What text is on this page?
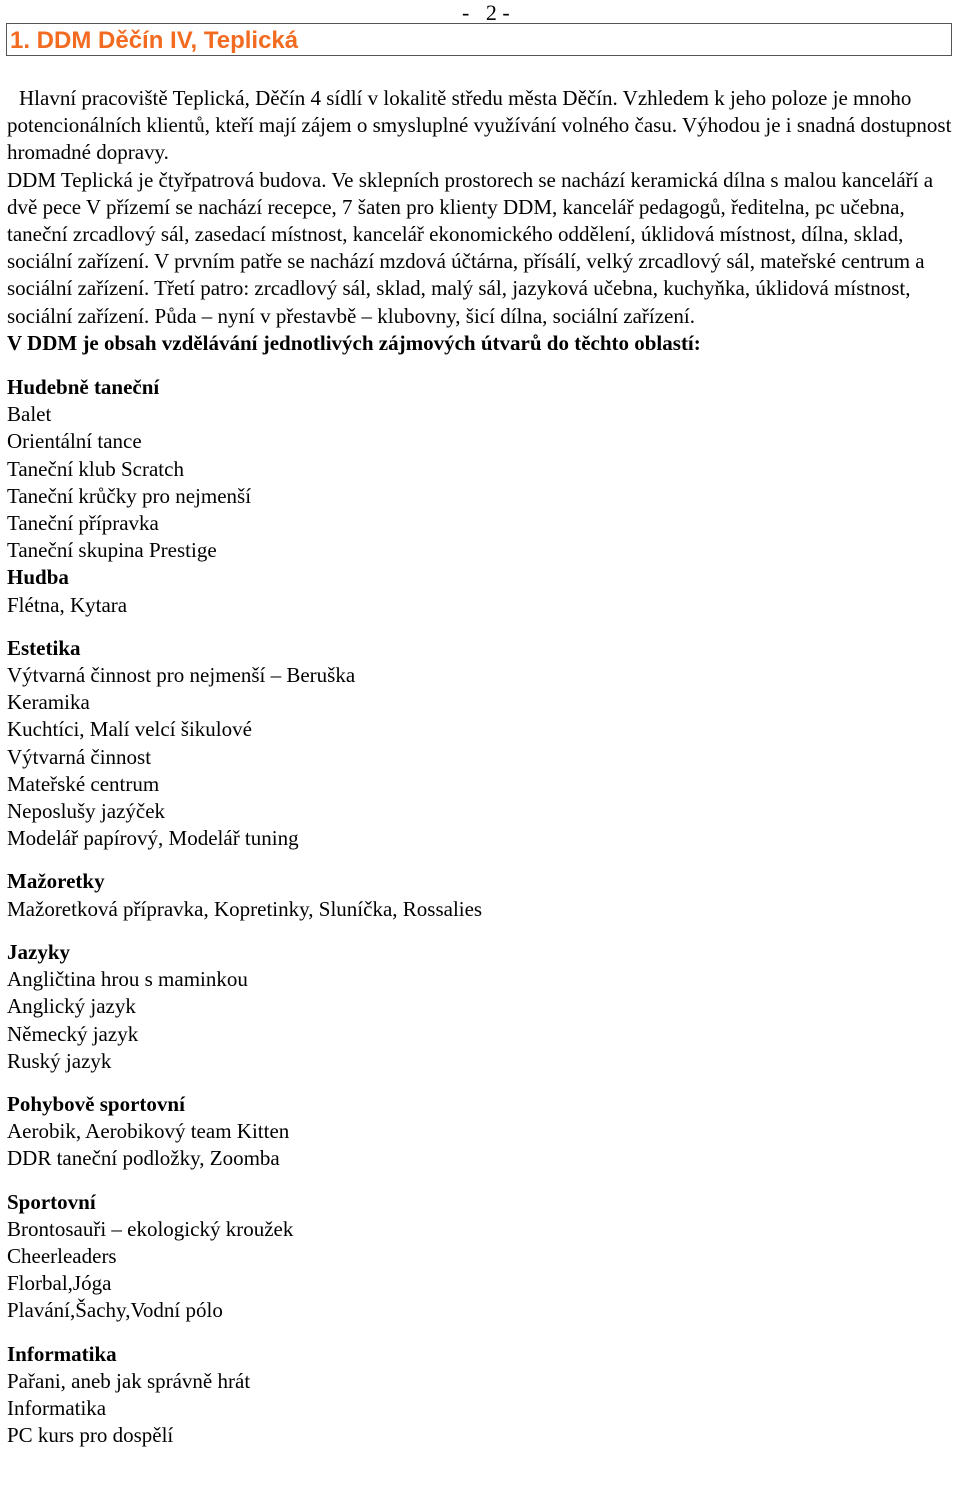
-   2 -
1. DDM Děčín IV, Teplická

Hlavní pracoviště Teplická, Děčín 4 sídlí v lokalitě středu města Děčín. Vzhledem k jeho poloze je mnoho potencionálních klientů, kteří mají zájem o smysluplné využívání volného času. Výhodou je i snadná dostupnost hromadné dopravy.

DDM Teplická je čtyřpatrová budova. Ve sklepních prostorech se nachází keramická dílna s malou kanceláří a dvě pece V přízemí se nachází recepce, 7 šaten pro klienty DDM, kancelář pedagogů, ředitelna, pc učebna, taneční zrcadlový sál, zasedací místnost, kancelář ekonomického oddělení, úklidová místnost, dílna, sklad, sociální zařízení. V prvním patře se nachází mzdová účtárna, přísálí, velký zrcadlový sál, mateřské centrum a sociální zařízení. Třetí patro: zrcadlový sál, sklad, malý sál, jazyková učebna, kuchyňka, úklidová místnost, sociální zařízení. Půda – nyní v přestavbě – klubovny, šicí dílna, sociální zařízení.

V DDM je obsah vzdělávání jednotlivých zájmových útvarů do těchto oblastí:

Hudebně taneční
Balet
Orientální tance
Taneční klub Scratch
Taneční krůčky pro nejmenší
Taneční přípravka
Taneční skupina Prestige
Hudba
Flétna, Kytara
Estetika
Výtvarná činnost pro nejmenší – Beruška
Keramika
Kuchtíci, Malí velcí šikulové
Výtvarná činnost
Mateřské centrum
Neposlušy jazýček
Modelář papírový, Modelář tuning
Mažoretky
Mažoretková přípravka, Kopretinky, Sluníčka, Rossalies
Jazyky
Angličtina hrou s maminkou
Anglický jazyk
Německý jazyk
Ruský jazyk
Pohybově sportovní
Aerobik, Aerobikový team Kitten
DDR taneční podložky, Zoomba
Sportovní
Brontosauři – ekologický kroužek
Cheerleaders
Florbal,Jóga
Plavání,Šachy,Vodní pólo
Informatika
Pařani, aneb jak správně hrát
Informatika
PC kurs pro dospělí
